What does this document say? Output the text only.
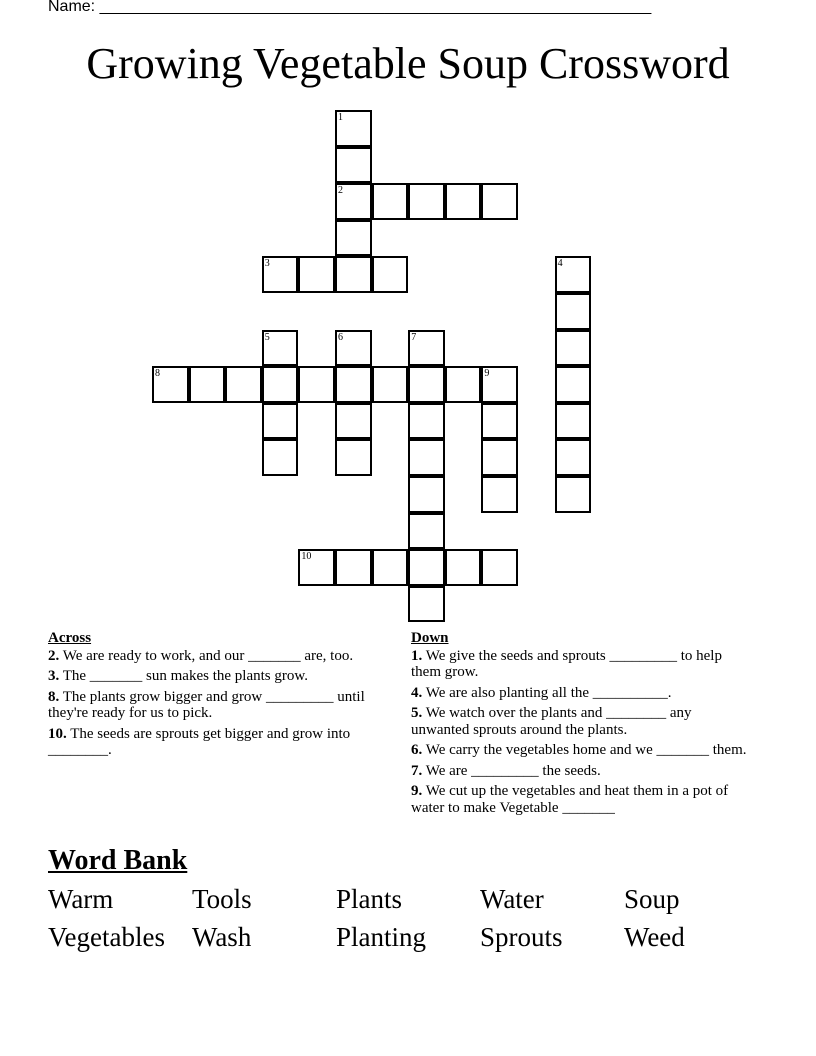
Name: ______________________________________________________________
Growing Vegetable Soup Crossword
1
2
3	4
5	6	7
8	9
10
Across
2. We are ready to work, and our _______ are, too.
3. The _______ sun makes the plants grow.
8. The plants grow bigger and grow _________ until they're ready for us to pick.
10. The seeds are sprouts get bigger and grow into ________.
Down
1. We give the seeds and sprouts _________ to help them grow.
4. We are also planting all the __________.
5. We watch over the plants and ________ any unwanted sprouts around the plants.
6. We carry the vegetables home and we _______ them.
7. We are _________ the seeds.
9. We cut up the vegetables and heat them in a pot of water to make Vegetable _______
Word Bank
Warm	Tools	Plants	Water	Soup
Vegetables	Wash	Planting	Sprouts	Weed
